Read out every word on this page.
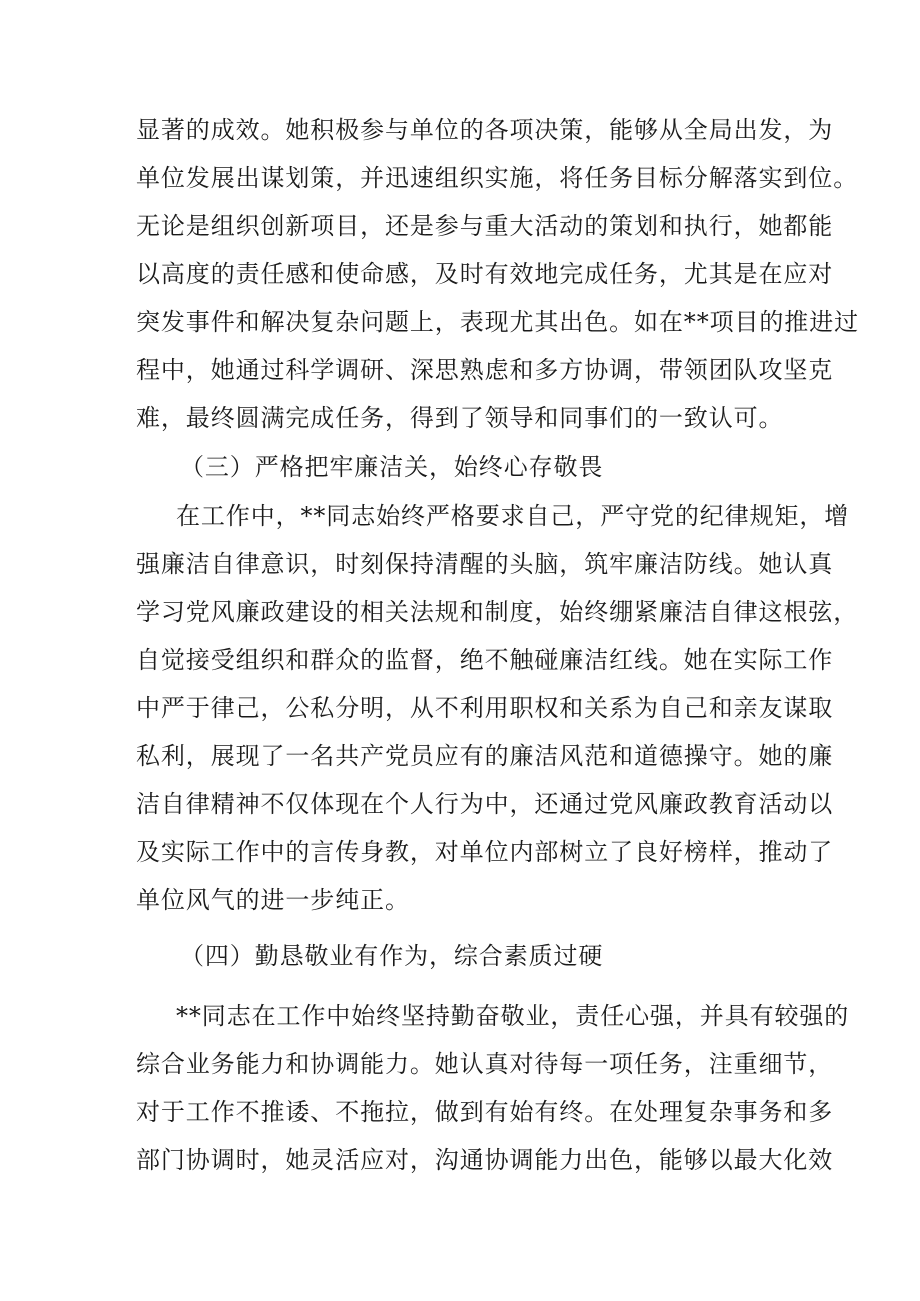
显著的成效。她积极参与单位的各项决策，能够从全局出发，为
单位发展出谋划策，并迅速组织实施，将任务目标分解落实到位。
无论是组织创新项目，还是参与重大活动的策划和执行，她都能
以高度的责任感和使命感，及时有效地完成任务，尤其是在应对
突发事件和解决复杂问题上，表现尤其出色。如在**项目的推进过
程中，她通过科学调研、深思熟虑和多方协调，带领团队攻坚克
难，最终圆满完成任务，得到了领导和同事们的一致认可。
（三）严格把牢廉洁关，始终心存敬畏
在工作中，**同志始终严格要求自己，严守党的纪律规矩，增
强廉洁自律意识，时刻保持清醒的头脑，筑牢廉洁防线。她认真
学习党风廉政建设的相关法规和制度，始终绷紧廉洁自律这根弦，
自觉接受组织和群众的监督，绝不触碰廉洁红线。她在实际工作
中严于律己，公私分明，从不利用职权和关系为自己和亲友谋取
私利，展现了一名共产党员应有的廉洁风范和道德操守。她的廉
洁自律精神不仅体现在个人行为中，还通过党风廉政教育活动以
及实际工作中的言传身教，对单位内部树立了良好榜样，推动了
单位风气的进一步纯正。
（四）勤恳敬业有作为，综合素质过硬
**同志在工作中始终坚持勤奋敬业，责任心强，并具有较强的
综合业务能力和协调能力。她认真对待每一项任务，注重细节，
对于工作不推诿、不拖拉，做到有始有终。在处理复杂事务和多
部门协调时，她灵活应对，沟通协调能力出色，能够以最大化效
